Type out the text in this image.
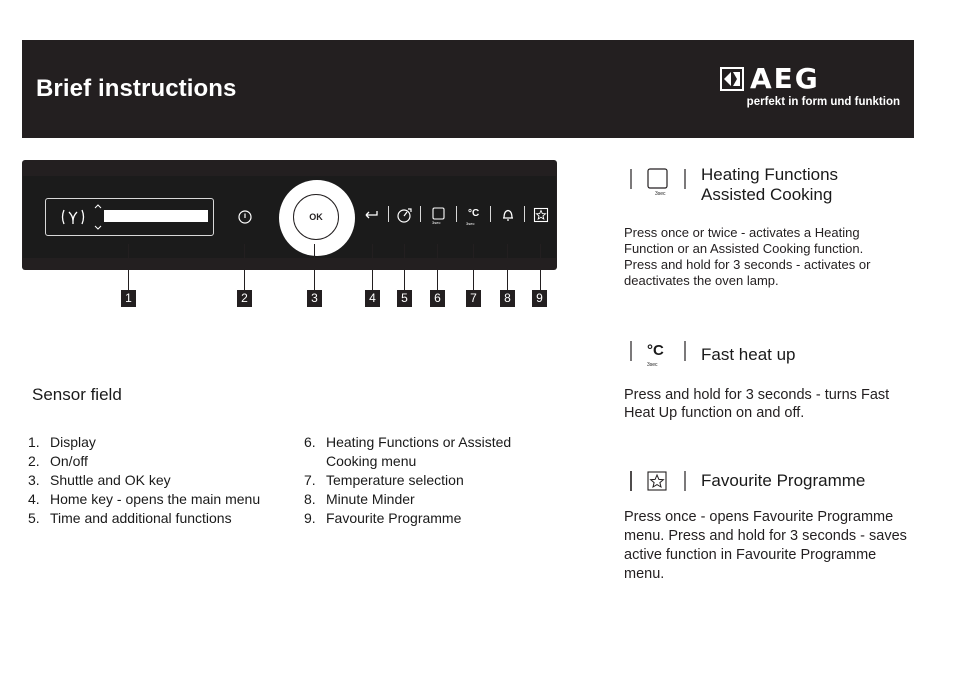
Brief instructions	AEG
perfekt in form und funktion
OK
3sec
°C
3sec
1	2	3	4	5	6	7	8	9
Sensor field
1. Display
2. On/off
3. Shuttle and OK key
4. Home key - opens the main menu
5. Time and additional functions
6. Heating Functions or Assisted Cooking menu
7. Temperature selection
8. Minute Minder
9. Favourite Programme
3sec
Heating Functions
Assisted Cooking
Press once or twice - activates a Heating Function or an Assisted Cooking function. Press and hold for 3 seconds - activates or deactivates the oven lamp.
°C
3sec
Fast heat up
Press and hold for 3 seconds - turns Fast Heat Up function on and off.
Favourite Programme
Press once - opens Favourite Programme menu. Press and hold for 3 seconds - saves active function in Favourite Programme menu.
